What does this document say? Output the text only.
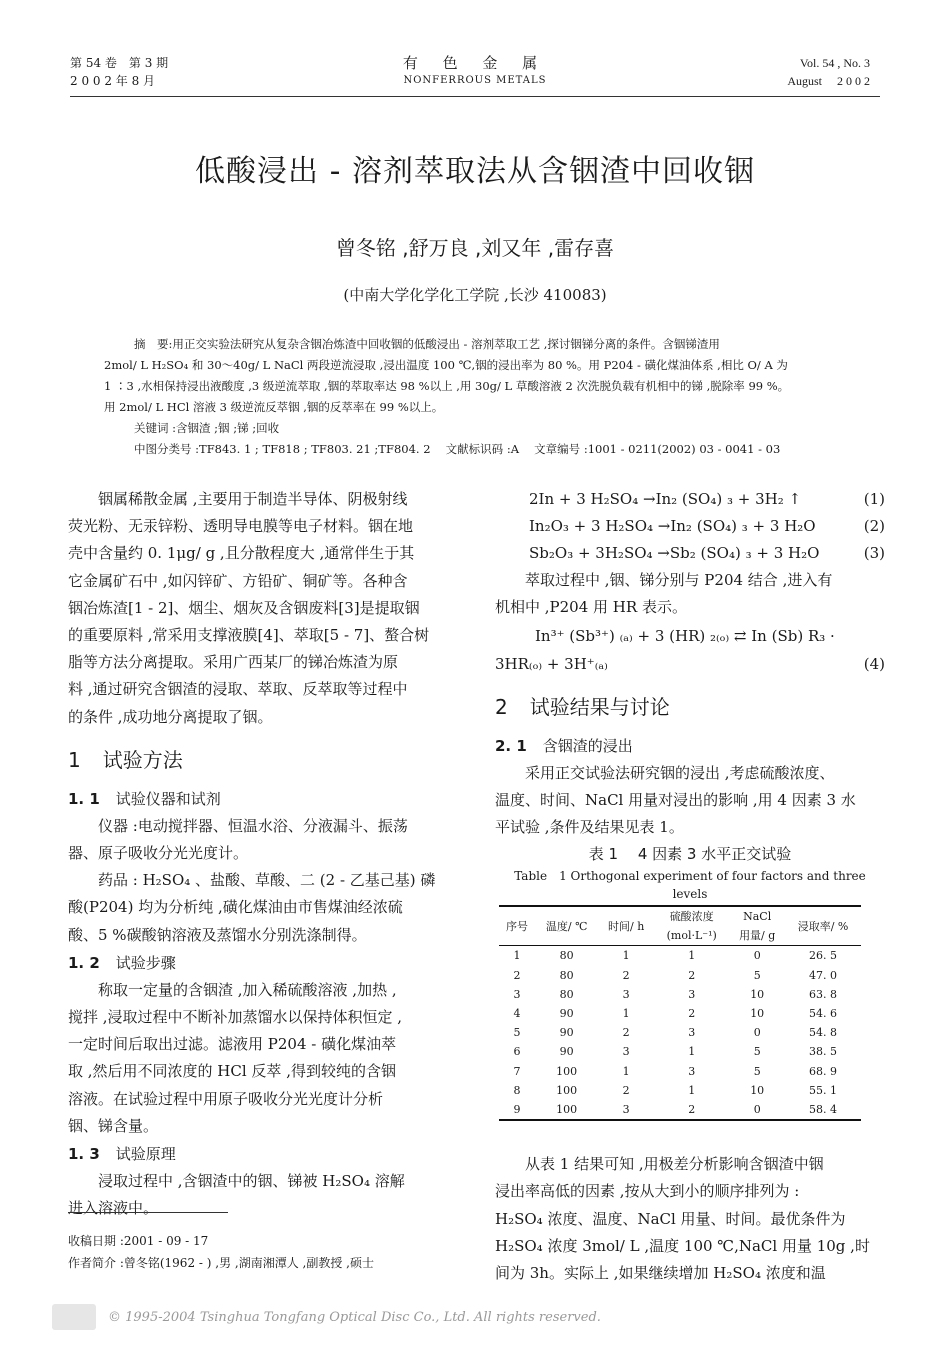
第 54 卷　第 3 期
2 0 0 2 年 8 月
有 色 金 属
NONFERROUS METALS
Vol. 54 , No. 3
August　 2 0 0 2
低酸浸出 - 溶剂萃取法从含铟渣中回收铟
曾冬铭 ,舒万良 ,刘又年 ,雷存喜
(中南大学化学化工学院 ,长沙 410083)
摘　要:用正交实验法研究从复杂含铟冶炼渣中回收铟的低酸浸出 - 溶剂萃取工艺 ,探讨铟锑分离的条件。含铟锑渣用
2mol/ L H₂SO₄ 和 30～40g/ L NaCl 两段逆流浸取 ,浸出温度 100 ℃,铟的浸出率为 80 %。用 P204 - 磺化煤油体系 ,相比 O/ A 为
1 ∶3 ,水相保持浸出液酸度 ,3 级逆流萃取 ,铟的萃取率达 98 %以上 ,用 30g/ L 草酸溶液 2 次洗脱负载有机相中的锑 ,脱除率 99 %。
用 2mol/ L HCl 溶液 3 级逆流反萃铟 ,铟的反萃率在 99 %以上。
关键词 :含铟渣 ;铟 ;锑 ;回收
中图分类号 :TF843. 1 ; TF818 ; TF803. 21 ;TF804. 2　 文献标识码 :A　 文章编号 :1001 - 0211(2002) 03 - 0041 - 03
铟属稀散金属 ,主要用于制造半导体、阴极射线
荧光粉、无汞锌粉、透明导电膜等电子材料。铟在地
壳中含量约 0. 1μg/ g ,且分散程度大 ,通常伴生于其
它金属矿石中 ,如闪锌矿、方铅矿、铜矿等。各种含
铟冶炼渣[1 - 2]、烟尘、烟灰及含铟废料[3]是提取铟
的重要原料 ,常采用支撑液膜[4]、萃取[5 - 7]、螯合树
脂等方法分离提取。采用广西某厂的锑冶炼渣为原
料 ,通过研究含铟渣的浸取、萃取、反萃取等过程中
的条件 ,成功地分离提取了铟。
1 试验方法
1. 1 试验仪器和试剂
仪器 :电动搅拌器、恒温水浴、分液漏斗、振荡
器、原子吸收分光光度计。
药品 : H₂SO₄ 、盐酸、草酸、二 (2 - 乙基己基) 磷
酸(P204) 均为分析纯 ,磺化煤油由市售煤油经浓硫
酸、5 %碳酸钠溶液及蒸馏水分别洗涤制得。
1. 2 试验步骤
称取一定量的含铟渣 ,加入稀硫酸溶液 ,加热 ,
搅拌 ,浸取过程中不断补加蒸馏水以保持体积恒定 ,
一定时间后取出过滤。滤液用 P204 - 磺化煤油萃
取 ,然后用不同浓度的 HCl 反萃 ,得到较纯的含铟
溶液。在试验过程中用原子吸收分光光度计分析
铟、锑含量。
1. 3 试验原理
浸取过程中 ,含铟渣中的铟、锑被 H₂SO₄ 溶解
进入溶液中。
收稿日期 :2001 - 09 - 17
作者简介 :曾冬铭(1962 - ) ,男 ,湖南湘潭人 ,副教授 ,硕士
2In + 3 H₂SO₄ →In₂ (SO₄) ₃ + 3H₂ ↑	(1)
In₂O₃ + 3 H₂SO₄ →In₂ (SO₄) ₃ + 3 H₂O	(2)
Sb₂O₃ + 3H₂SO₄ →Sb₂ (SO₄) ₃ + 3 H₂O	(3)
萃取过程中 ,铟、锑分别与 P204 结合 ,进入有
机相中 ,P204 用 HR 表示。
In³⁺ (Sb³⁺) ₍ₐ₎ + 3 (HR) ₂₍ₒ₎ ⇄ In (Sb) R₃ ·
3HR₍ₒ₎ + 3H⁺₍ₐ₎	(4)
2 试验结果与讨论
2. 1 含铟渣的浸出
采用正交试验法研究铟的浸出 ,考虑硫酸浓度、
温度、时间、NaCl 用量对浸出的影响 ,用 4 因素 3 水
平试验 ,条件及结果见表 1。
表 1　 4 因素 3 水平正交试验
Table　1 Orthogonal experiment of four factors and three levels
序号	温度/ ℃	时间/ h	硫酸浓度	NaCl	浸取率/ %
			(mol·L⁻¹)	用量/ g	
1	80	1	1	0	26. 5
2	80	2	2	5	47. 0
3	80	3	3	10	63. 8
4	90	1	2	10	54. 6
5	90	2	3	0	54. 8
6	90	3	1	5	38. 5
7	100	1	3	5	68. 9
8	100	2	1	10	55. 1
9	100	3	2	0	58. 4
从表 1 结果可知 ,用极差分析影响含铟渣中铟
浸出率高低的因素 ,按从大到小的顺序排列为 :
H₂SO₄ 浓度、温度、NaCl 用量、时间。最优条件为
H₂SO₄ 浓度 3mol/ L ,温度 100 ℃,NaCl 用量 10g ,时
间为 3h。实际上 ,如果继续增加 H₂SO₄ 浓度和温
© 1995-2004 Tsinghua Tongfang Optical Disc Co., Ltd. All rights reserved.
